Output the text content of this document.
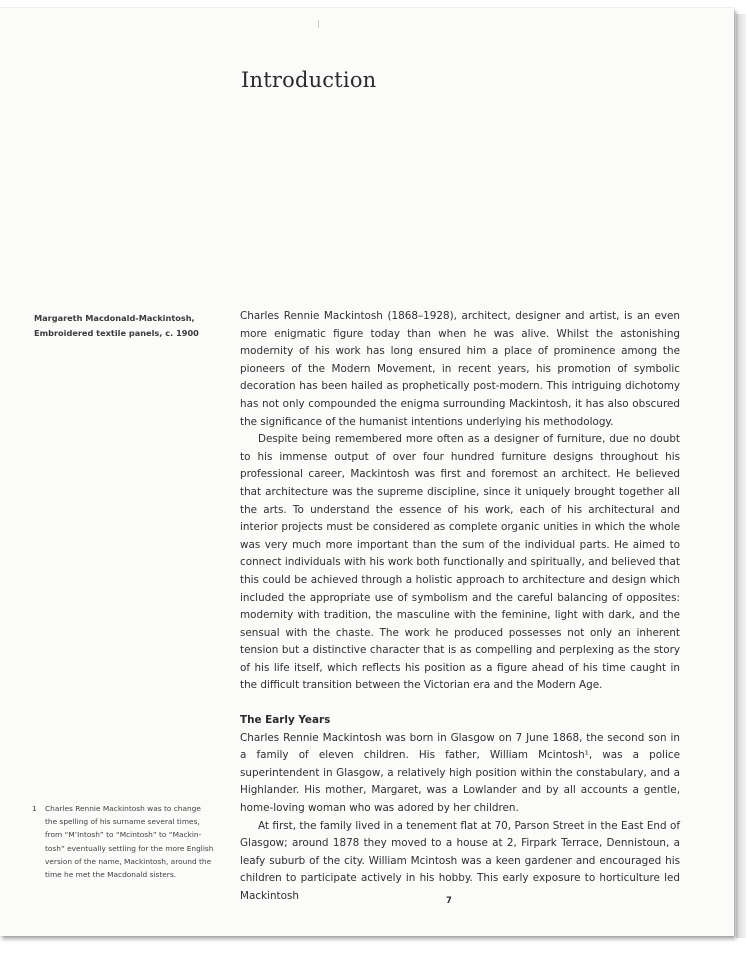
Introduction
Margareth Macdonald-Mackintosh,
Embroidered textile panels, c. 1900

Charles Rennie Mackintosh (1868–1928), architect, designer and artist, is an even more enigmatic figure today than when he was alive. Whilst the astonishing modernity of his work has long ensured him a place of prominence among the pioneers of the Modern Movement, in recent years, his promotion of symbolic decoration has been hailed as prophetically post-modern. This intriguing dichotomy has not only compounded the enigma surrounding Mackintosh, it has also obscured the significance of the humanist intentions underlying his methodology.

Despite being remembered more often as a designer of furniture, due no doubt to his immense output of over four hundred furniture designs throughout his professional career, Mackintosh was first and foremost an architect. He believed that architecture was the supreme discipline, since it uniquely brought together all the arts. To understand the essence of his work, each of his architectural and interior projects must be considered as complete organic unities in which the whole was very much more important than the sum of the individual parts. He aimed to connect individuals with his work both functionally and spiritually, and believed that this could be achieved through a holistic approach to architecture and design which included the appropriate use of symbolism and the careful balancing of opposites: modernity with tradition, the masculine with the feminine, light with dark, and the sensual with the chaste. The work he produced possesses not only an inherent tension but a distinctive character that is as compelling and perplexing as the story of his life itself, which reflects his position as a figure ahead of his time caught in the difficult transition between the Victorian era and the Modern Age.

The Early Years

Charles Rennie Mackintosh was born in Glasgow on 7 June 1868, the second son in a family of eleven children. His father, William Mcintosh¹, was a police superintendent in Glasgow, a relatively high position within the constabulary, and a Highlander. His mother, Margaret, was a Lowlander and by all accounts a gentle, home-loving woman who was adored by her children.

At first, the family lived in a tenement flat at 70, Parson Street in the East End of Glasgow; around 1878 they moved to a house at 2, Firpark Terrace, Dennistoun, a leafy suburb of the city. William Mcintosh was a keen gardener and encouraged his children to participate actively in his hobby. This early exposure to horticulture led Mackintosh

1 Charles Rennie Mackintosh was to change
the spelling of his surname several times,
from “M’Intosh” to “Mcintosh” to “Mackin-
tosh” eventually settling for the more English
version of the name, Mackintosh, around the
time he met the Macdonald sisters.
7
